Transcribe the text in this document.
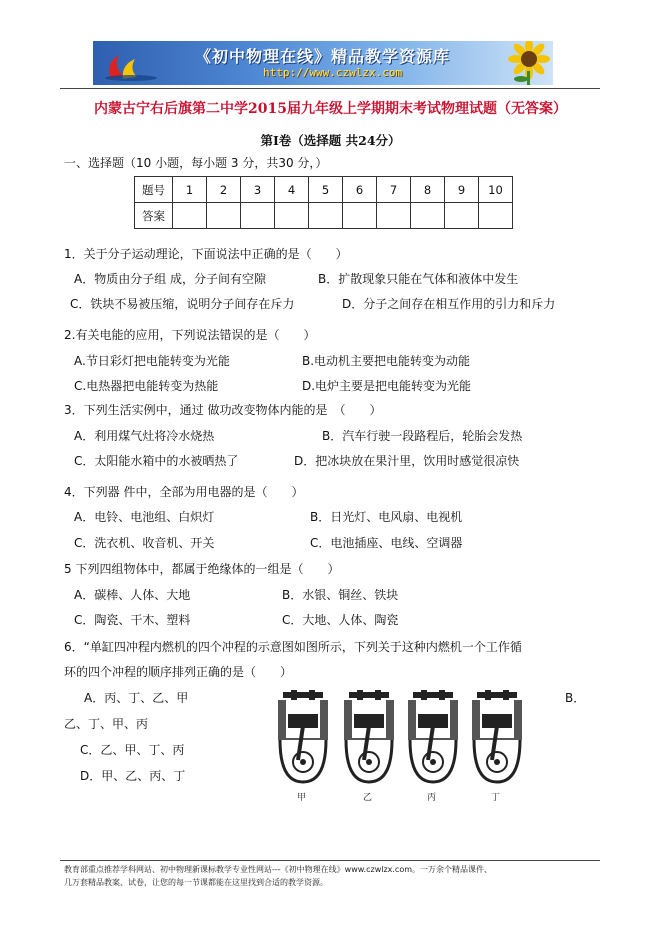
《初中物理在线》精品教学资源库
http://www.czwlzx.com
内蒙古宁右后旗第二中学2015届九年级上学期期末考试物理试题（无答案）
第Ⅰ卷（选择题 共24分）
一、选择题（10 小题，每小题 3 分，共30 分，）
题号	1	2	3	4	5	6	7	8	9	10
答案										
1．关于分子运动理论，下面说法中正确的是（　　）
A．物质由分子组 成，分子间有空隙	B．扩散现象只能在气体和液体中发生
C．铁块不易被压缩，说明分子间存在斥力	D．分子之间存在相互作用的引力和斥力
2.有关电能的应用，下列说法错误的是（　　）
A.节日彩灯把电能转变为光能	B.电动机主要把电能转变为动能
C.电热器把电能转变为热能	D.电炉主要是把电能转变为光能
3．下列生活实例中，通过 做功改变物体内能的是　（　　）
A．利用煤气灶将冷水烧热	B．汽车行驶一段路程后，轮胎会发热
C．太阳能水箱中的水被晒热了	D．把冰块放在果汁里，饮用时感觉很凉快
4．下列器 件中，全部为用电器的是（　　）
A．电铃、电池组、白炽灯	B．日光灯、电风扇、电视机
C．洗衣机、收音机、开关	C．电池插座、电线、空调器
5 下列四组物体中，都属于绝缘体的一组是（　　）
A．碳棒、人体、大地	B．水银、铜丝、铁块
C．陶瓷、干木、塑料	C．大地、人体、陶瓷
6．“单缸四冲程内燃机的四个冲程的示意图如图所示，下列关于这种内燃机一个工作循
环的四个冲程的顺序排列正确的是（　　）
A．丙、丁、乙、甲	B．
乙、丁、甲、丙
C．乙、甲、丁、丙
D．甲、乙、丙、丁
甲	乙	丙	丁
教育部重点推荐学科网站、初中物理新课标教学专业性网站---《初中物理在线》www.czwlzx.com。一万余个精品课件、
几万套精品教案、试卷，让您的每一节课都能在这里找到合适的教学资源。
